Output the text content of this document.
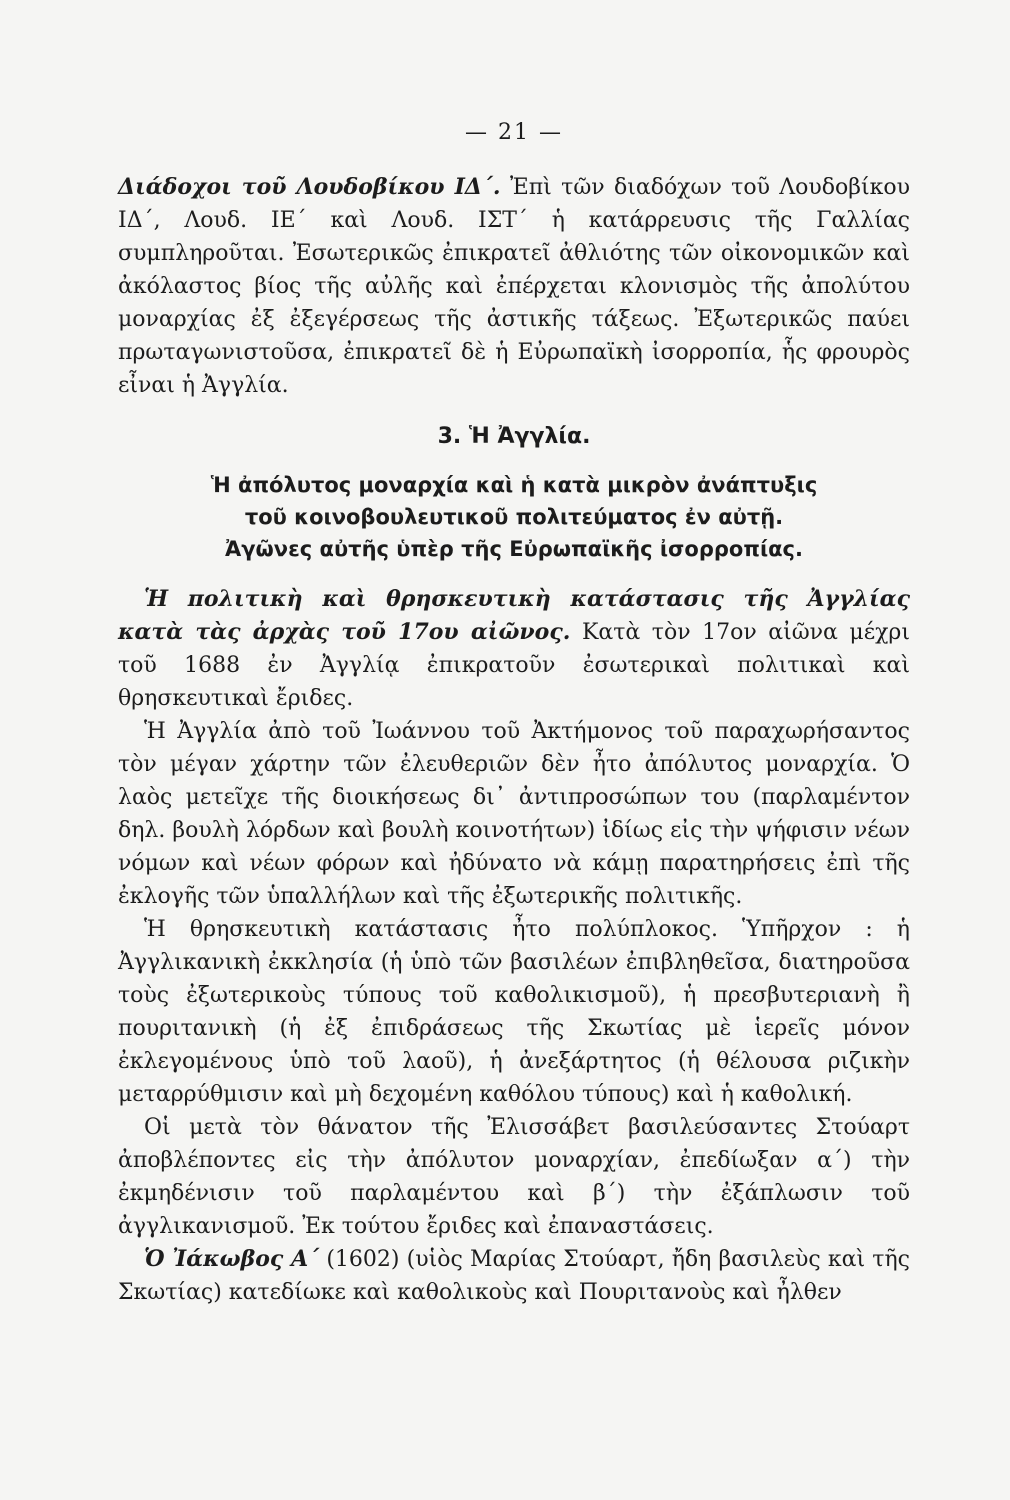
— 21 —

Διάδοχοι τοῦ Λουδοβίκου ΙΔ΄. Ἐπὶ τῶν διαδόχων τοῦ Λουδοβίκου ΙΔ΄, Λουδ. ΙΕ΄ καὶ Λουδ. ΙΣΤ΄ ἡ κατάρρευσις τῆς Γαλλίας συμπληροῦται. Ἐσωτερικῶς ἐπικρατεῖ ἀθλιότης τῶν οἰκονομικῶν καὶ ἀκόλαστος βίος τῆς αὐλῆς καὶ ἐπέρχεται κλονισμὸς τῆς ἀπολύτου μοναρχίας ἐξ ἐξεγέρσεως τῆς ἀστικῆς τάξεως. Ἐξωτερικῶς παύει πρωταγωνιστοῦσα, ἐπικρατεῖ δὲ ἡ Εὐρωπαϊκὴ ἰσορροπία, ἧς φρουρὸς εἶναι ἡ Ἀγγλία.

3. Ἡ Ἀγγλία.
Ἡ ἀπόλυτος μοναρχία καὶ ἡ κατὰ μικρὸν ἀνάπτυξις
τοῦ κοινοβουλευτικοῦ πολιτεύματος ἐν αὐτῇ.
Ἀγῶνες αὐτῆς ὑπὲρ τῆς Εὐρωπαϊκῆς ἰσορροπίας.

Ἡ πολιτικὴ καὶ θρησκευτικὴ κατάστασις τῆς Ἀγγλίας κατὰ τὰς ἀρχὰς τοῦ 17ου αἰῶνος. Κατὰ τὸν 17ον αἰῶνα μέχρι τοῦ 1688 ἐν Ἀγγλίᾳ ἐπικρατοῦν ἐσωτερικαὶ πολιτικαὶ καὶ θρησκευτικαὶ ἔριδες.

Ἡ Ἀγγλία ἀπὸ τοῦ Ἰωάννου τοῦ Ἀκτήμονος τοῦ παραχωρήσαντος τὸν μέγαν χάρτην τῶν ἐλευθεριῶν δὲν ἦτο ἀπόλυτος μοναρχία. Ὁ λαὸς μετεῖχε τῆς διοικήσεως δι᾽ ἀντιπροσώπων του (παρλαμέντον δηλ. βουλὴ λόρδων καὶ βουλὴ κοινοτήτων) ἰδίως εἰς τὴν ψήφισιν νέων νόμων καὶ νέων φόρων καὶ ἠδύνατο νὰ κάμῃ παρατηρήσεις ἐπὶ τῆς ἐκλογῆς τῶν ὑπαλλήλων καὶ τῆς ἐξωτερικῆς πολιτικῆς.

Ἡ θρησκευτικὴ κατάστασις ἦτο πολύπλοκος. Ὑπῆρχον : ἡ Ἀγγλικανικὴ ἐκκλησία (ἡ ὑπὸ τῶν βασιλέων ἐπιβληθεῖσα, διατηροῦσα τοὺς ἐξωτερικοὺς τύπους τοῦ καθολικισμοῦ), ἡ πρεσβυτεριανὴ ἢ πουριτανικὴ (ἡ ἐξ ἐπιδράσεως τῆς Σκωτίας μὲ ἱερεῖς μόνον ἐκλεγομένους ὑπὸ τοῦ λαοῦ), ἡ ἀνεξάρτητος (ἡ θέλουσα ριζικὴν μεταρρύθμισιν καὶ μὴ δεχομένη καθόλου τύπους) καὶ ἡ καθολική.

Οἱ μετὰ τὸν θάνατον τῆς Ἐλισσάβετ βασιλεύσαντες Στούαρτ ἀποβλέποντες εἰς τὴν ἀπόλυτον μοναρχίαν, ἐπεδίωξαν α΄) τὴν ἐκμηδένισιν τοῦ παρλαμέντου καὶ β΄) τὴν ἐξάπλωσιν τοῦ ἀγγλικανισμοῦ. Ἐκ τούτου ἔριδες καὶ ἐπαναστάσεις.

Ὁ Ἰάκωβος Α΄ (1602) (υἱὸς Μαρίας Στούαρτ, ἤδη βασιλεὺς καὶ τῆς Σκωτίας) κατεδίωκε καὶ καθολικοὺς καὶ Πουριτανοὺς καὶ ἦλθεν
